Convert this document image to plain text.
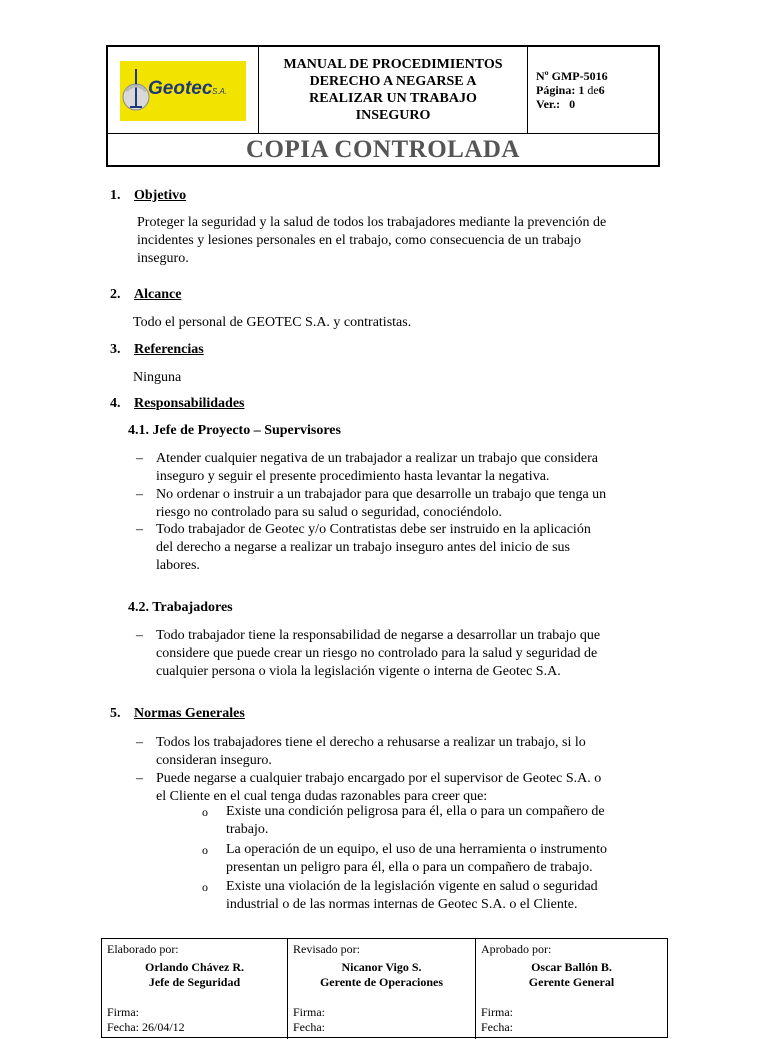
Geotec S.A.
MANUAL DE PROCEDIMIENTOS
DERECHO A NEGARSE A
REALIZAR UN TRABAJO
INSEGURO
Nº GMP-5016
Página: 1 de6
Ver.:   0
COPIA CONTROLADA
1. Objetivo
Proteger la seguridad y la salud de todos los trabajadores mediante la prevención de
incidentes y lesiones personales en el trabajo, como consecuencia de un trabajo
inseguro.
2. Alcance
Todo el personal de GEOTEC S.A. y contratistas.
3. Referencias
Ninguna
4. Responsabilidades
4.1. Jefe de Proyecto – Supervisores
– Atender cualquier negativa de un trabajador a realizar un trabajo que considera
inseguro y seguir el presente procedimiento hasta levantar la negativa.
– No ordenar o instruir a un trabajador para que desarrolle un trabajo que tenga un
riesgo no controlado para su salud o seguridad, conociéndolo.
– Todo trabajador de Geotec y/o Contratistas debe ser instruido en la aplicación
del derecho a negarse a realizar un trabajo inseguro antes del inicio de sus
labores.
4.2. Trabajadores
– Todo trabajador tiene la responsabilidad de negarse a desarrollar un trabajo que
considere que puede crear un riesgo no controlado para la salud y seguridad de
cualquier persona o viola la legislación vigente o interna de Geotec S.A.
5. Normas Generales
– Todos los trabajadores tiene el derecho a rehusarse a realizar un trabajo, si lo
consideran inseguro.
– Puede negarse a cualquier trabajo encargado por el supervisor de Geotec S.A. o
el Cliente en el cual tenga dudas razonables para creer que:
o Existe una condición peligrosa para él, ella o para un compañero de
trabajo.
o La operación de un equipo, el uso de una herramienta o instrumento
presentan un peligro para él, ella o para un compañero de trabajo.
o Existe una violación de la legislación vigente en salud o seguridad
industrial o de las normas internas de Geotec S.A. o el Cliente.
Elaborado por:
Orlando Chávez R.
Jefe de Seguridad
Firma:
Fecha: 26/04/12
Revisado por:
Nicanor Vigo S.
Gerente de Operaciones
Firma:
Fecha:
Aprobado por:
Oscar Ballón B.
Gerente General
Firma:
Fecha:
